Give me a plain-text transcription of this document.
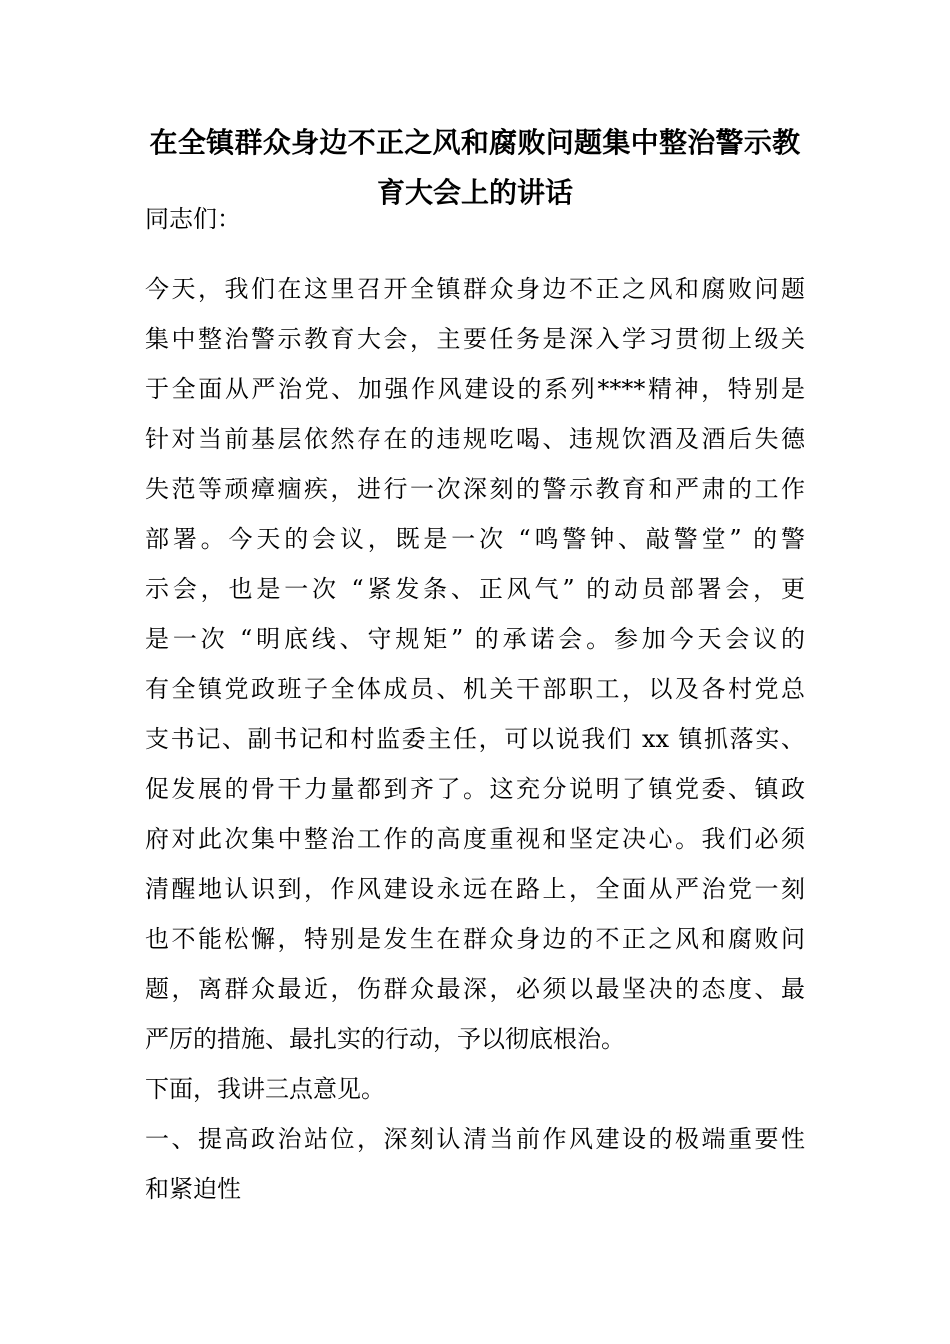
在全镇群众身边不正之风和腐败问题集中整治警示教
育大会上的讲话

同志们：

今天，我们在这里召开全镇群众身边不正之风和腐败问题

集中整治警示教育大会，主要任务是深入学习贯彻上级关

于全面从严治党、加强作风建设的系列****精神，特别是

针对当前基层依然存在的违规吃喝、违规饮酒及酒后失德

失范等顽瘴痼疾，进行一次深刻的警示教育和严肃的工作

部署。今天的会议，既是一次 “鸣警钟、敲警堂” 的警

示会，也是一次 “紧发条、正风气” 的动员部署会，更

是一次 “明底线、守规矩” 的承诺会。参加今天会议的

有全镇党政班子全体成员、机关干部职工，以及各村党总

支书记、副书记和村监委主任，可以说我们 xx 镇抓落实、

促发展的骨干力量都到齐了。这充分说明了镇党委、镇政

府对此次集中整治工作的高度重视和坚定决心。我们必须

清醒地认识到，作风建设永远在路上，全面从严治党一刻

也不能松懈，特别是发生在群众身边的不正之风和腐败问

题，离群众最近，伤群众最深，必须以最坚决的态度、最

严厉的措施、最扎实的行动，予以彻底根治。

下面，我讲三点意见。

一、提高政治站位，深刻认清当前作风建设的极端重要性

和紧迫性
